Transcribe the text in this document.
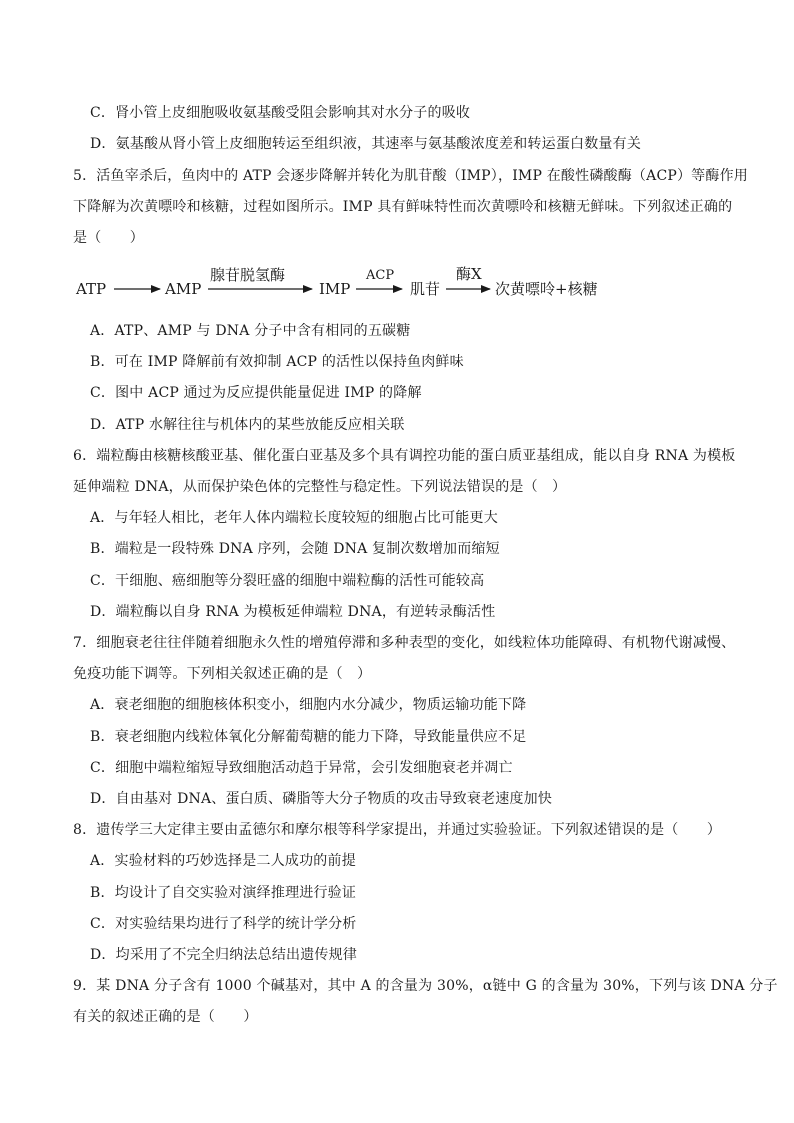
C．肾小管上皮细胞吸收氨基酸受阻会影响其对水分子的吸收
D．氨基酸从肾小管上皮细胞转运至组织液，其速率与氨基酸浓度差和转运蛋白数量有关
5．活鱼宰杀后，鱼肉中的 ATP 会逐步降解并转化为肌苷酸（IMP），IMP 在酸性磷酸酶（ACP）等酶作用
下降解为次黄嘌呤和核糖，过程如图所示。IMP 具有鲜味特性而次黄嘌呤和核糖无鲜味。下列叙述正确的
是（　　）
ATP	AMP
腺苷脱氢酶
IMP
ACP
肌苷
酶X
次黄嘌呤+核糖
A．ATP、AMP 与 DNA 分子中含有相同的五碳糖
B．可在 IMP 降解前有效抑制 ACP 的活性以保持鱼肉鲜味
C．图中 ACP 通过为反应提供能量促进 IMP 的降解
D．ATP 水解往往与机体内的某些放能反应相关联
6．端粒酶由核糖核酸亚基、催化蛋白亚基及多个具有调控功能的蛋白质亚基组成，能以自身 RNA 为模板
延伸端粒 DNA，从而保护染色体的完整性与稳定性。下列说法错误的是（　）
A．与年轻人相比，老年人体内端粒长度较短的细胞占比可能更大
B．端粒是一段特殊 DNA 序列，会随 DNA 复制次数增加而缩短
C．干细胞、癌细胞等分裂旺盛的细胞中端粒酶的活性可能较高
D．端粒酶以自身 RNA 为模板延伸端粒 DNA，有逆转录酶活性
7．细胞衰老往往伴随着细胞永久性的增殖停滞和多种表型的变化，如线粒体功能障碍、有机物代谢减慢、
免疫功能下调等。下列相关叙述正确的是（　）
A．衰老细胞的细胞核体积变小，细胞内水分减少，物质运输功能下降
B．衰老细胞内线粒体氧化分解葡萄糖的能力下降，导致能量供应不足
C．细胞中端粒缩短导致细胞活动趋于异常，会引发细胞衰老并凋亡
D．自由基对 DNA、蛋白质、磷脂等大分子物质的攻击导致衰老速度加快
8．遗传学三大定律主要由孟德尔和摩尔根等科学家提出，并通过实验验证。下列叙述错误的是（　　）
A．实验材料的巧妙选择是二人成功的前提
B．均设计了自交实验对演绎推理进行验证
C．对实验结果均进行了科学的统计学分析
D．均采用了不完全归纳法总结出遗传规律
9．某 DNA 分子含有 1000 个碱基对，其中 A 的含量为 30%，α链中 G 的含量为 30%，下列与该 DNA 分子
有关的叙述正确的是（　　）
